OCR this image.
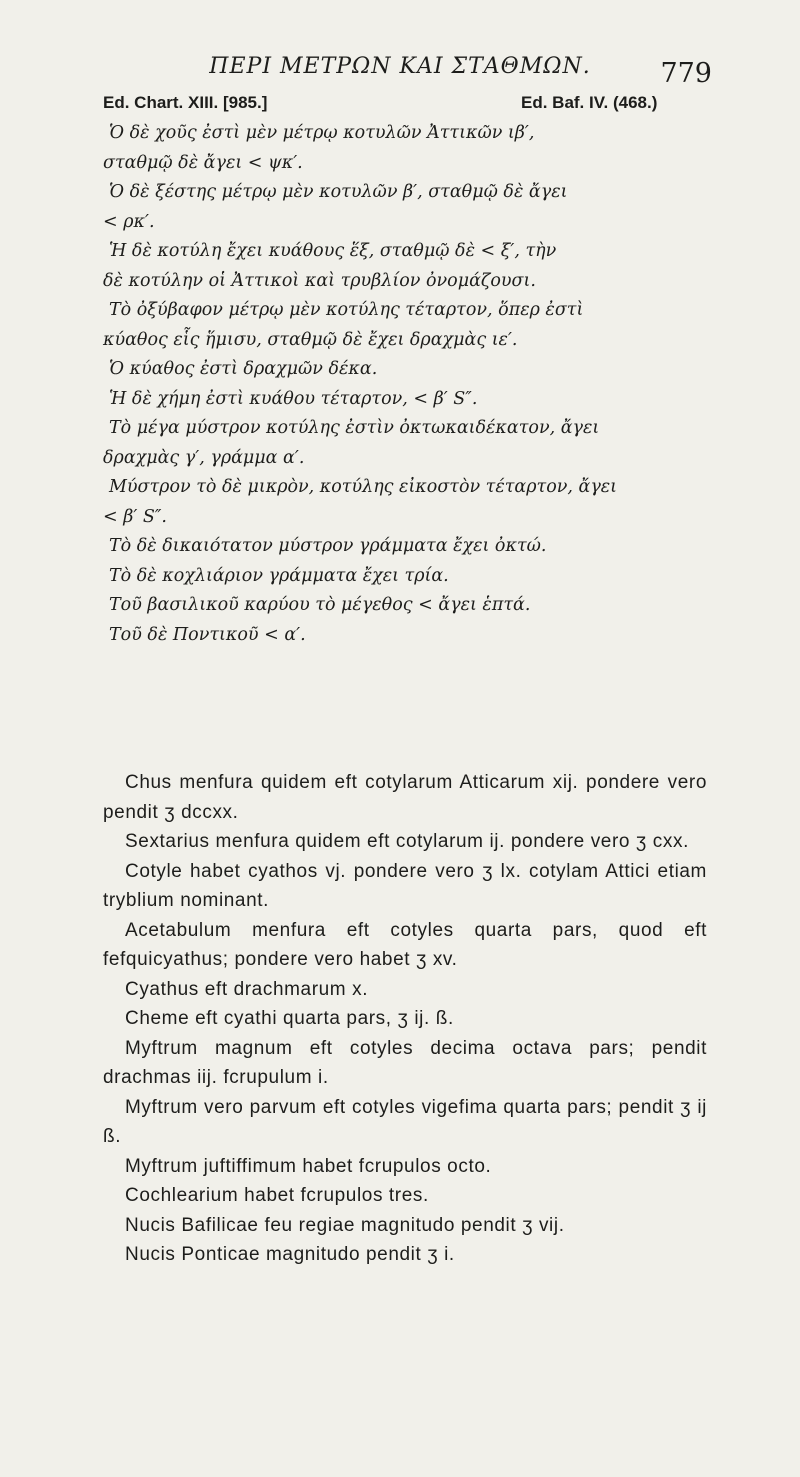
ΠΕΡΙ ΜΕΤΡΩΝ ΚΑΙ ΣΤΑΘΜΩΝ.	779
Ed. Chart. XIII. [985.]	Ed. Baf. IV. (468.)

Ὁ δὲ χοῦς ἐστὶ μὲν μέτρῳ κοτυλῶν Ἀττικῶν ιβ′,

σταθμῷ δὲ ἄγει < ψκ′.

Ὁ δὲ ξέστης μέτρῳ μὲν κοτυλῶν β′, σταθμῷ δὲ ἄγει

< ρκ′.

Ἡ δὲ κοτύλη ἔχει κυάθους ἕξ, σταθμῷ δὲ < ξ′, τὴν

δὲ κοτύλην οἱ Ἀττικοὶ καὶ τρυβλίον ὀνομάζουσι.

Τὸ ὀξύβαφον μέτρῳ μὲν κοτύλης τέταρτον, ὅπερ ἐστὶ

κύαθος εἷς ἥμισυ, σταθμῷ δὲ ἔχει δραχμὰς ιε′.

Ὁ κύαθος ἐστὶ δραχμῶν δέκα.

Ἡ δὲ χήμη ἐστὶ κυάθου τέταρτον, < β′ S″.

Τὸ μέγα μύστρον κοτύλης ἐστὶν ὀκτωκαιδέκατον, ἄγει

δραχμὰς γ′, γράμμα α′.

Μύστρον τὸ δὲ μικρὸν, κοτύλης εἰκοστὸν τέταρτον, ἄγει

< β′ S″.

Τὸ δὲ δικαιότατον μύστρον γράμματα ἔχει ὀκτώ.

Τὸ δὲ κοχλιάριον γράμματα ἔχει τρία.

Τοῦ βασιλικοῦ καρύου τὸ μέγεθος < ἄγει ἑπτά.

Τοῦ δὲ Ποντικοῦ < α′.

Chus menfura quidem eft cotylarum Atticarum xij. pondere vero pendit ʒ dccxx.

Sextarius menfura quidem eft cotylarum ij. pondere vero ʒ cxx.

Cotyle habet cyathos vj. pondere vero ʒ lx. cotylam Attici etiam tryblium nominant.

Acetabulum menfura eft cotyles quarta pars, quod eft fefquicyathus; pondere vero habet ʒ xv.

Cyathus eft drachmarum x.

Cheme eft cyathi quarta pars, ʒ ij. ß.

Myftrum magnum eft cotyles decima octava pars; pendit drachmas iij. fcrupulum i.

Myftrum vero parvum eft cotyles vigefima quarta pars; pendit ʒ ij ß.

Myftrum juftiffimum habet fcrupulos octo.

Cochlearium habet fcrupulos tres.

Nucis Bafilicae feu regiae magnitudo pendit ʒ vij.

Nucis Ponticae magnitudo pendit ʒ i.
